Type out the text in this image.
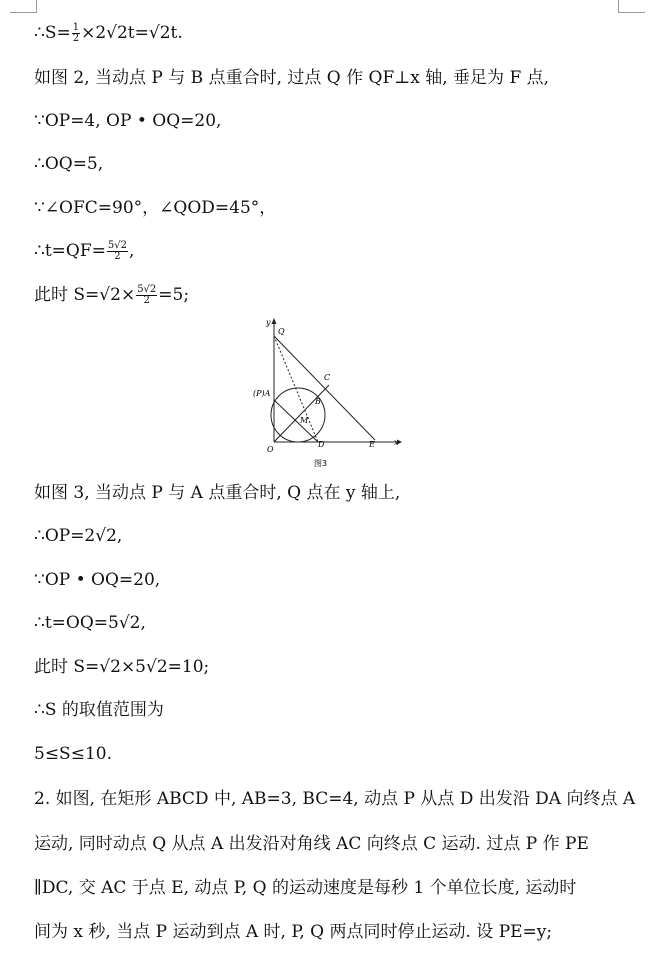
∴S= $\frac{1}{2} \times 2√2t=√2t$.
如图 2, 当动点 P 与 B 点重合时, 过点 Q 作 QF⊥x 轴, 垂足为 F 点,
∵OP=4, OP • OQ=20,
∴OQ=5,
∵∠OFC=90°，∠QOD=45°，
∴t=QF= $\frac{5√2}{2}$ ,
此时 $S=√2\times \frac{5√2}{2} =5$;
y
x
Q
(P)A
C
B
M
O
D	E
图3
如图 3, 当动点 P 与 A 点重合时, Q 点在 y 轴上,
∴OP=2√2,
∵OP • OQ=20,
∴t=OQ=5√2,
此时 S=√2×5√2=10;
∴S 的取值范围为
5≤S≤10.
2. 如图, 在矩形 ABCD 中, AB=3, BC=4, 动点 P 从点 D 出发沿 DA 向终点 A
运动, 同时动点 Q 从点 A 出发沿对角线 AC 向终点 C 运动. 过点 P 作 PE
∥DC, 交 AC 于点 E, 动点 P, Q 的运动速度是每秒 1 个单位长度, 运动时
间为 x 秒, 当点 P 运动到点 A 时, P, Q 两点同时停止运动. 设 PE=y;
